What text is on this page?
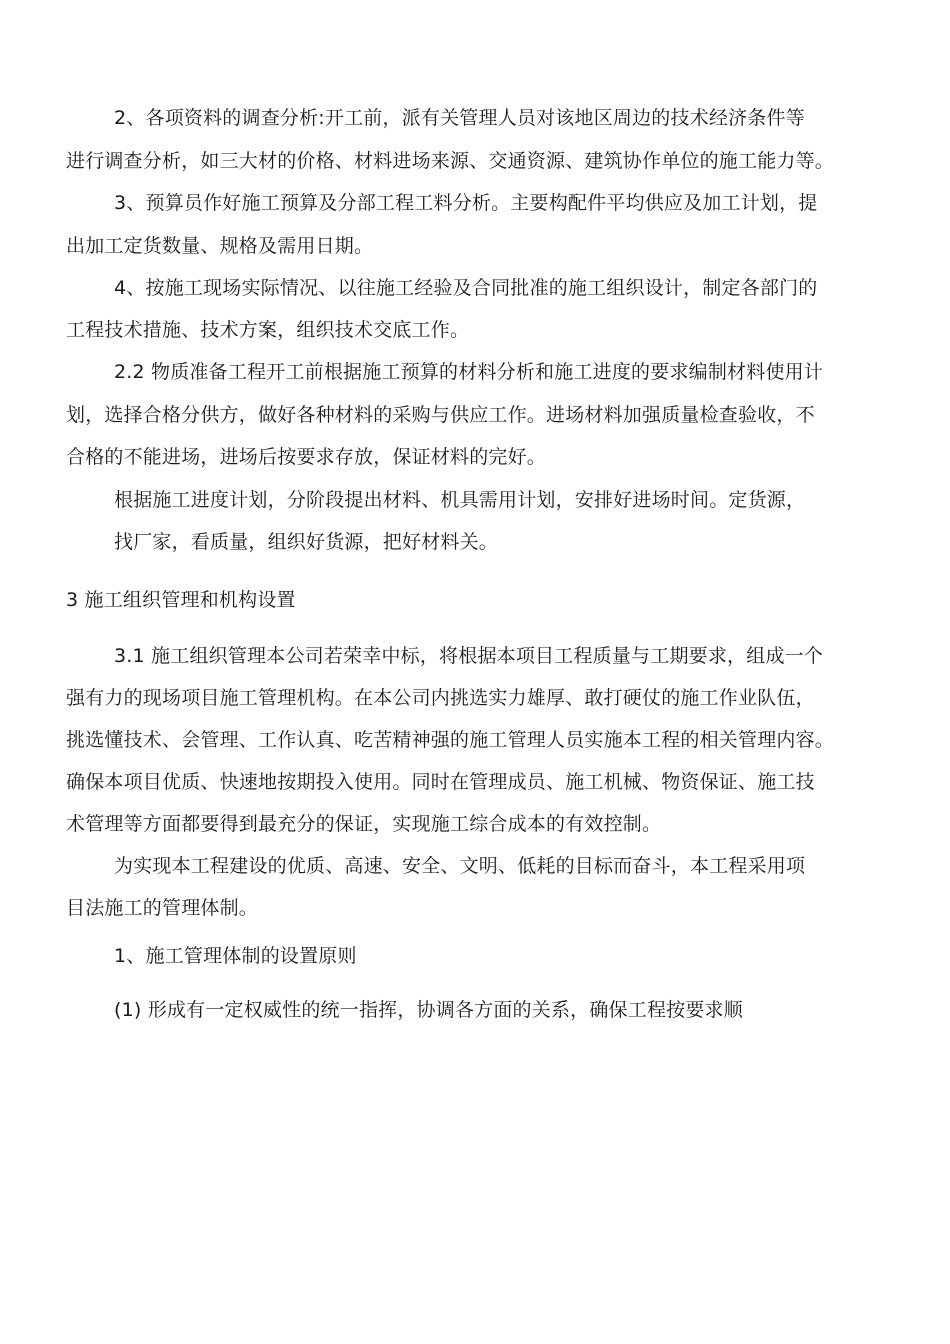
2、各项资料的调查分析:开工前，派有关管理人员对该地区周边的技术经济条件等
进行调查分析，如三大材的价格、材料进场来源、交通资源、建筑协作单位的施工能力等。
3、预算员作好施工预算及分部工程工料分析。主要构配件平均供应及加工计划，提
出加工定货数量、规格及需用日期。
4、按施工现场实际情况、以往施工经验及合同批准的施工组织设计，制定各部门的
工程技术措施、技术方案，组织技术交底工作。
2.2 物质准备工程开工前根据施工预算的材料分析和施工进度的要求编制材料使用计
划，选择合格分供方，做好各种材料的采购与供应工作。进场材料加强质量检查验收，不
合格的不能进场，进场后按要求存放，保证材料的完好。
根据施工进度计划，分阶段提出材料、机具需用计划，安排好进场时间。定货源，
找厂家，看质量，组织好货源，把好材料关。
3 施工组织管理和机构设置
3.1 施工组织管理本公司若荣幸中标，将根据本项目工程质量与工期要求，组成一个
强有力的现场项目施工管理机构。在本公司内挑选实力雄厚、敢打硬仗的施工作业队伍，
挑选懂技术、会管理、工作认真、吃苦精神强的施工管理人员实施本工程的相关管理内容。
确保本项目优质、快速地按期投入使用。同时在管理成员、施工机械、物资保证、施工技
术管理等方面都要得到最充分的保证，实现施工综合成本的有效控制。
为实现本工程建设的优质、高速、安全、文明、低耗的目标而奋斗，本工程采用项
目法施工的管理体制。
1、施工管理体制的设置原则
(1) 形成有一定权威性的统一指挥，协调各方面的关系，确保工程按要求顺
